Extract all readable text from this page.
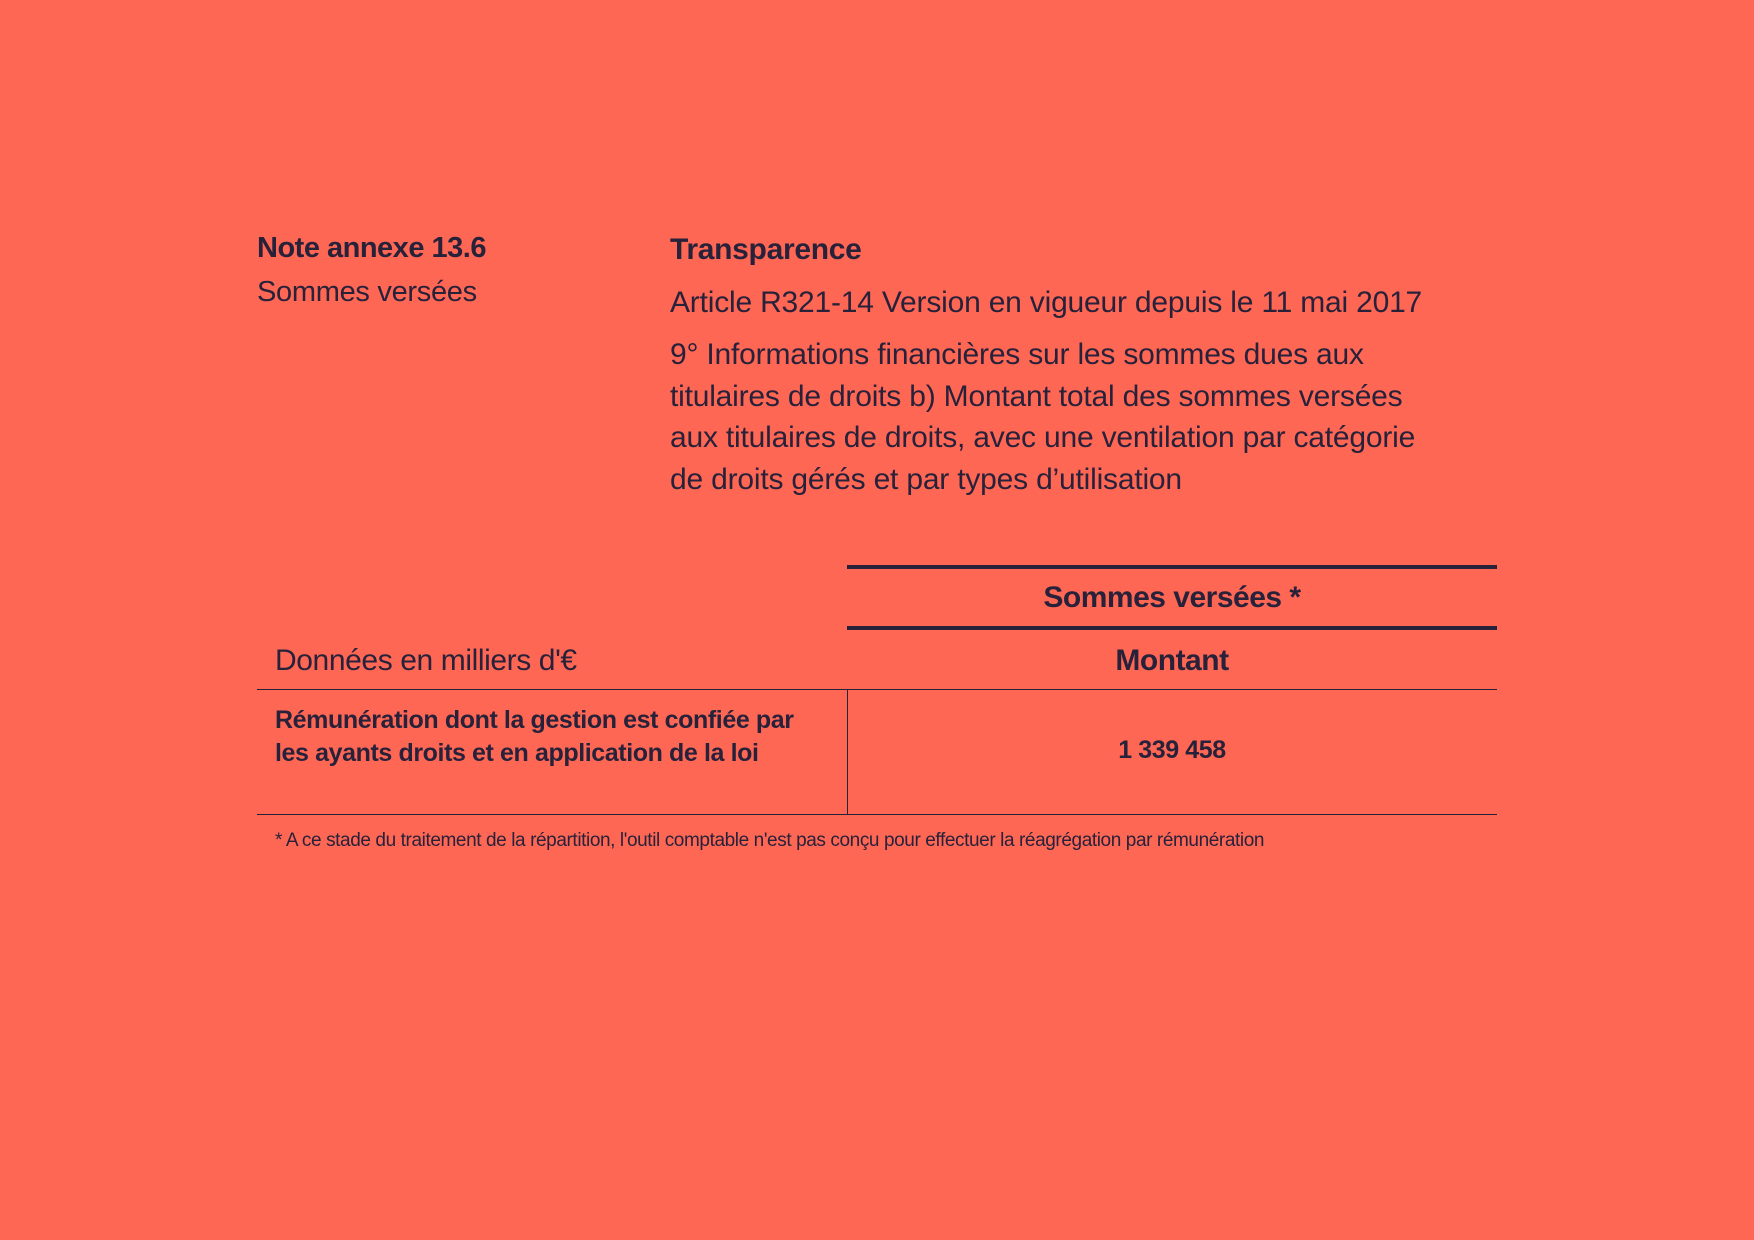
Note annexe 13.6
Sommes versées
Transparence
Article R321-14 Version en vigueur depuis le 11 mai 2017
9° Informations financières sur les sommes dues aux titulaires de droits b) Montant total des sommes versées aux titulaires de droits, avec une ventilation par catégorie de droits gérés et par types d’utilisation
Sommes versées *
Données en milliers d'€	Montant
Rémunération dont la gestion est confiée par les ayants droits et en application de la loi	1 339 458
* A ce stade du traitement de la répartition, l'outil comptable n'est pas conçu pour effectuer la réagrégation par rémunération
